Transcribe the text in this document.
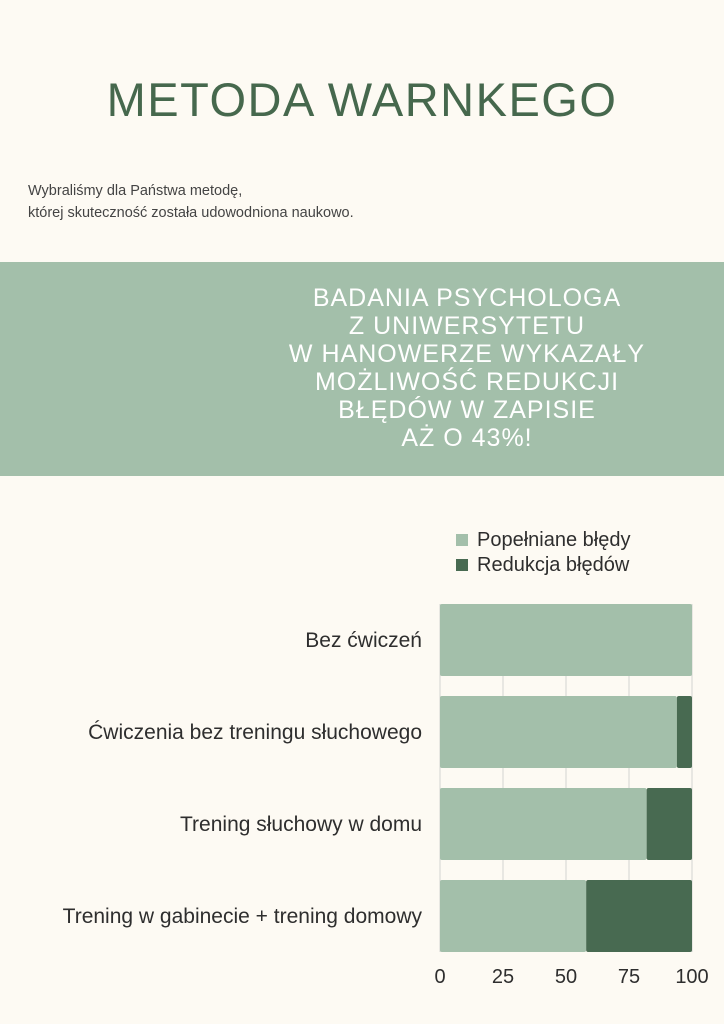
METODA WARNKEGO
Wybraliśmy dla Państwa metodę,
której skuteczność została udowodniona naukowo.
BADANIA PSYCHOLOGA
Z UNIWERSYTETU
W HANOWERZE WYKAZAŁY
MOŻLIWOŚĆ REDUKCJI
BŁĘDÓW W ZAPISIE
AŻ O 43%!
Bez ćwiczeń
Ćwiczenia bez treningu słuchowego
Trening słuchowy w domu
Trening w gabinecie + trening domowy
0 25 50 75 100
Popełniane błędy
Redukcja błędów
